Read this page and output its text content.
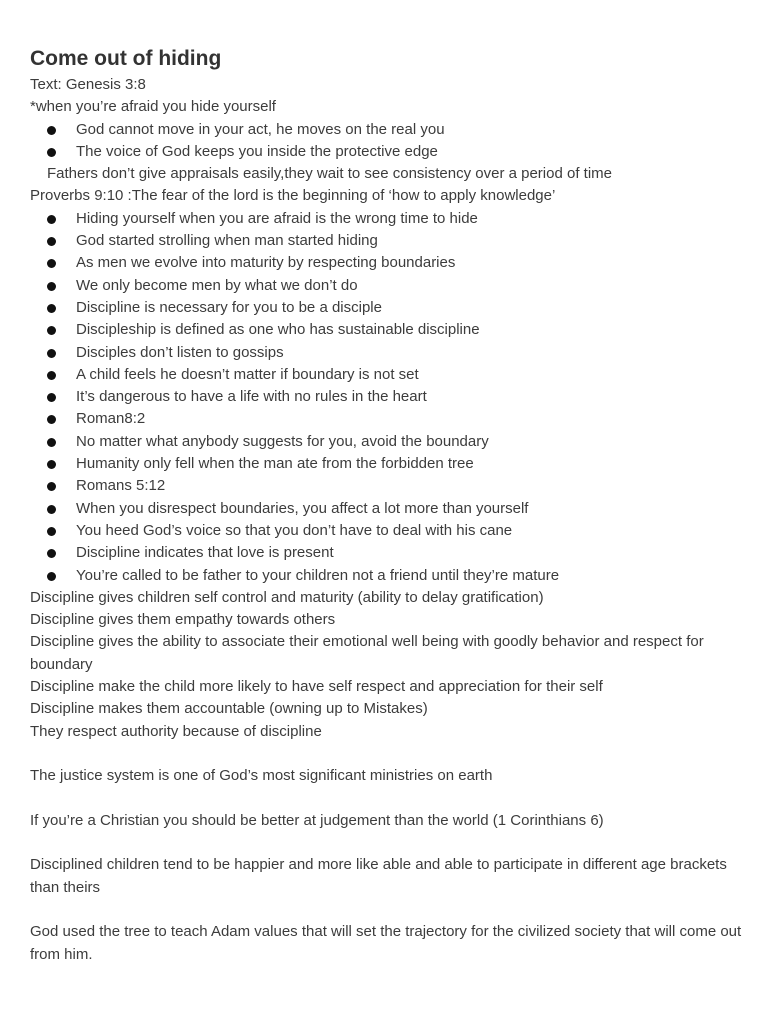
Come out of hiding

Text: Genesis 3:8

*when you’re afraid you hide yourself

God cannot move in your act, he moves on the real you
The voice of God keeps you inside the protective edge

Fathers don’t give appraisals easily,they wait to see consistency over a period of time

Proverbs 9:10 :The fear of the lord is the beginning of ‘how to apply knowledge’

Hiding yourself when you are afraid is the wrong time to hide
God started strolling when man started hiding
As men we evolve into maturity by respecting boundaries
We only become men by what we don’t do
Discipline is necessary for you to be a disciple
Discipleship is defined as one who has sustainable discipline
Disciples don’t listen to gossips
A child feels he doesn’t matter if boundary is not set
It’s dangerous to have a life with no rules in the heart
Roman8:2
No matter what anybody suggests for you, avoid the boundary
Humanity only fell when the man ate from the forbidden tree
Romans 5:12
When you disrespect boundaries, you affect a lot more than yourself
You heed God’s voice so that you don’t have to deal with his cane
Discipline indicates that love is present
You’re called to be father to your children not a friend until they’re mature

Discipline gives children self control and maturity (ability to delay gratification)

Discipline gives them empathy towards others

Discipline gives the ability to associate their emotional well being with goodly behavior and respect for boundary

Discipline make the child more likely to have self respect and appreciation for their self

Discipline makes them accountable (owning up to Mistakes)

They respect authority because of discipline

The justice system is one of God’s most significant ministries on earth

If you’re a Christian you should be better at judgement than the world (1 Corinthians 6)

Disciplined children tend to be happier and more like able and able to participate in different age brackets than theirs

God used the tree to teach Adam values that will set the trajectory for the civilized society that will come out from him.
